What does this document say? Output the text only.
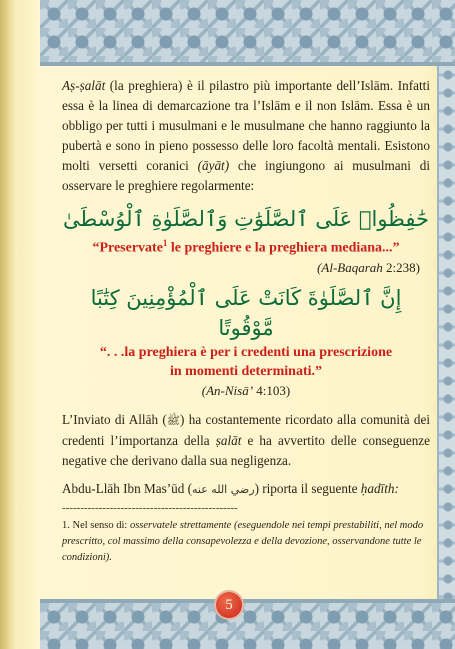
Aṣ-ṣalāt (la preghiera) è il pilastro più importante dell’Islām. Infatti essa è la linea di demarcazione tra l’Islām e il non Islām. Essa è un obbligo per tutti i musulmani e le musulmane che hanno raggiunto la pubertà e sono in pieno possesso delle loro facoltà mentali. Esistono molti versetti coranici (āyāt) che ingiungono ai musulmani di osservare le preghiere regolarmente:

حَٰفِظُوا۟ عَلَى ٱلصَّلَوَٰتِ وَٱلصَّلَوٰةِ ٱلْوُسْطَىٰ
“Preservate$^1$ le preghiere e la preghiera mediana...”
(Al-Baqarah 2:238)
إِنَّ ٱلصَّلَوٰةَ كَانَتْ عَلَى ٱلْمُؤْمِنِينَ كِتَٰبًا مَّوْقُوتًا
“. . .la preghiera è per i credenti una prescrizione
in momenti determinati.”
(An-Nisā’ 4:103)

L’Inviato di Allāh (ﷺ) ha costantemente ricordato alla comunità dei credenti l’importanza della ṣalāt e ha avvertito delle conseguenze negative che derivano dalla sua negligenza.

Abdu-Llāh Ibn Mas’ūd (رضي الله عنه) riporta il seguente ḥadīth:

------------------------------------------------
1. Nel senso di: osservatele strettamente (eseguendole nei tempi prestabiliti, nel modo prescritto, col massimo della consapevolezza e della devozione, osservandone tutte le condizioni).
5
